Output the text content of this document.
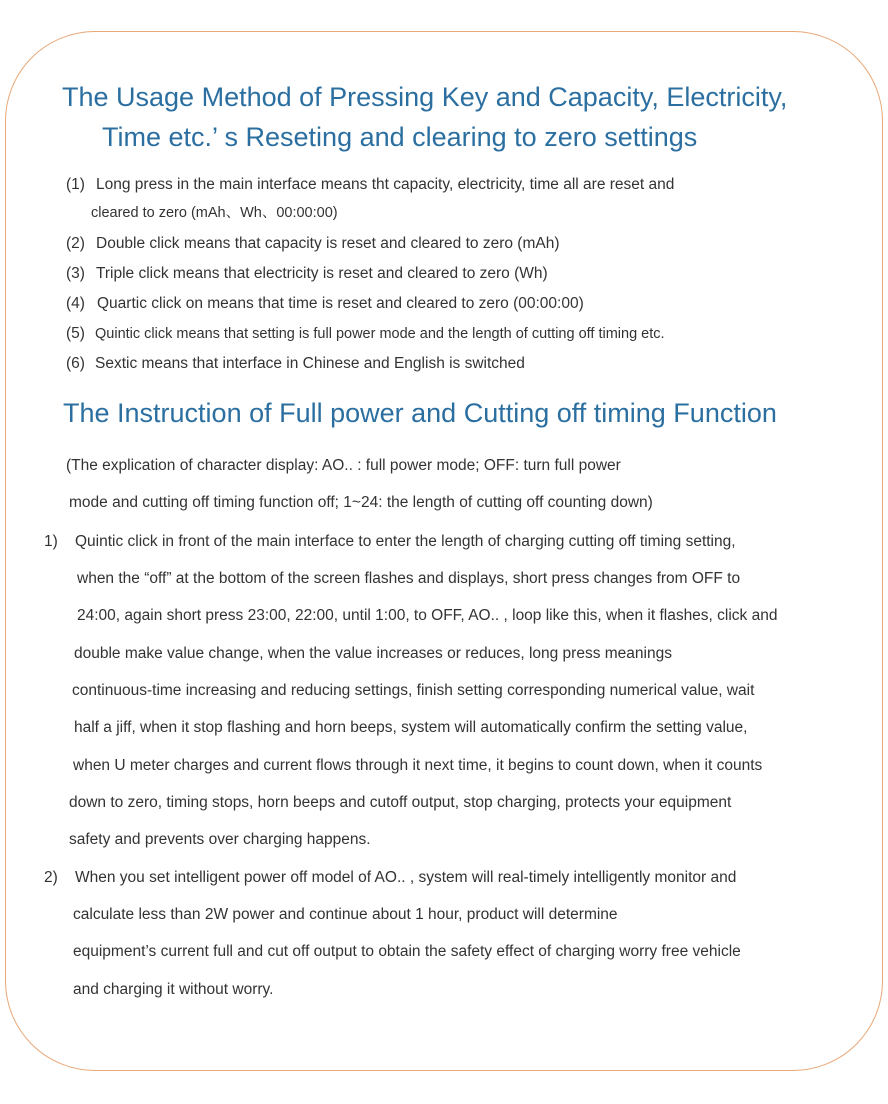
The Usage Method of Pressing Key and Capacity, Electricity,
Time etc.’ s Reseting and clearing to zero settings
(1) Long press in the main interface means tht capacity, electricity, time all are reset and
cleared to zero (mAh、Wh、00:00:00)
(2) Double click means that capacity is reset and cleared to zero (mAh)
(3) Triple click means that electricity is reset and cleared to zero (Wh)
(4) Quartic click on means that time is reset and cleared to zero (00:00:00)
(5) Quintic click means that setting is full power mode and the length of cutting off timing etc.
(6) Sextic means that interface in Chinese and English is switched
The Instruction of Full power and Cutting off timing Function
(The explication of character display: AO.. : full power mode; OFF: turn full power
mode and cutting off timing function off; 1~24: the length of cutting off counting down)
1) Quintic click in front of the main interface to enter the length of charging cutting off timing setting,
when the “off” at the bottom of the screen flashes and displays, short press changes from OFF to
24:00, again short press 23:00, 22:00, until 1:00, to OFF, AO.. , loop like this, when it flashes, click and
double make value change, when the value increases or reduces, long press meanings
continuous-time increasing and reducing settings, finish setting corresponding numerical value, wait
half a jiff, when it stop flashing and horn beeps, system will automatically confirm the setting value,
when U meter charges and current flows through it next time, it begins to count down, when it counts
down to zero, timing stops, horn beeps and cutoff output, stop charging, protects your equipment
safety and prevents over charging happens.
2) When you set intelligent power off model of AO.. , system will real-timely intelligently monitor and
calculate less than 2W power and continue about 1 hour, product will determine
equipment’s current full and cut off output to obtain the safety effect of charging worry free vehicle
and charging it without worry.
